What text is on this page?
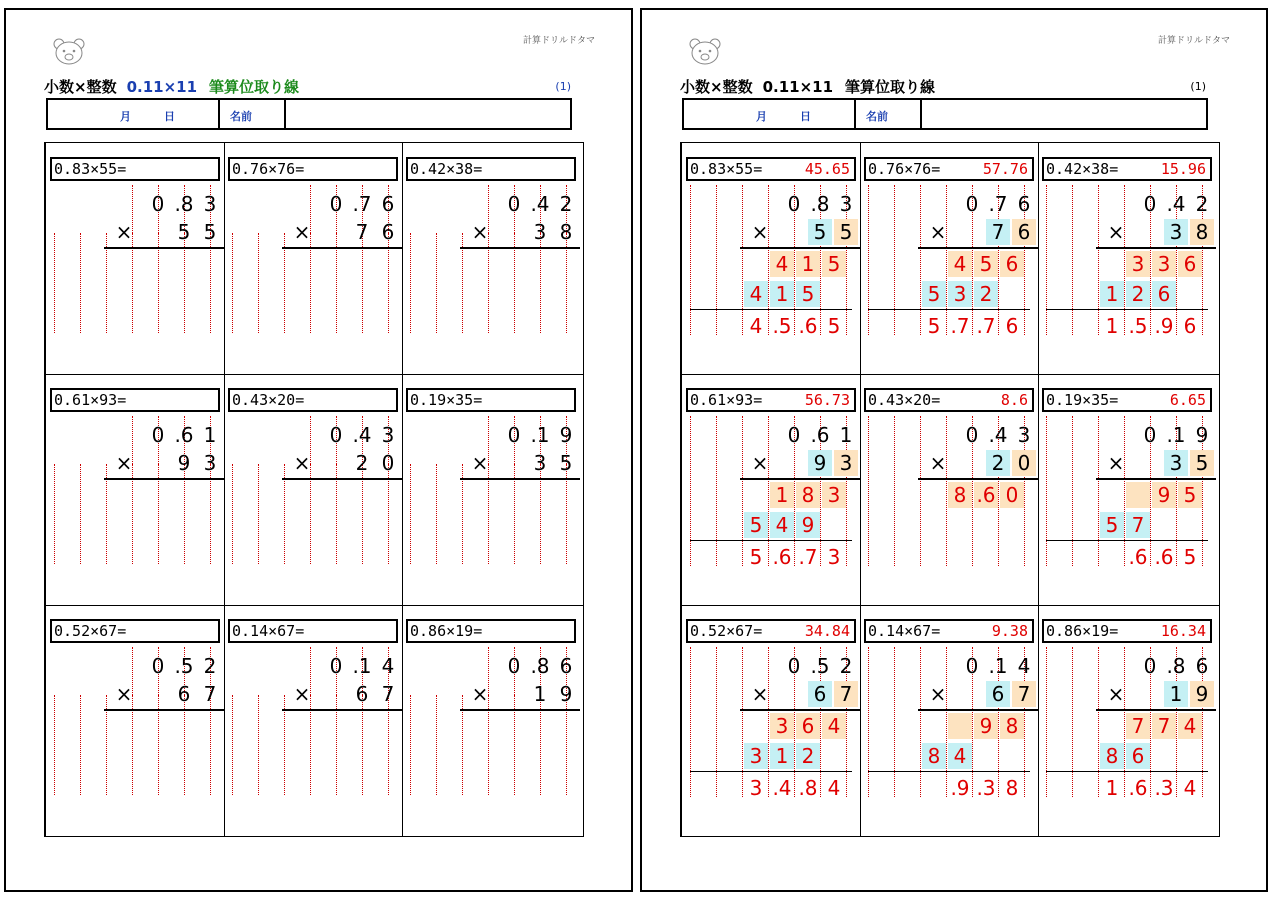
計算ドリルドタマ
小数×整数 0.11×11 筆算位取り線	(1)
月	日	名前
0.83×55=
0 .8 3
× 5 5
0.76×76=
0 .7 6
× 7 6
0.42×38=
0 .4 2
× 3 8
0.61×93=
0 .6 1
× 9 3
0.43×20=
0 .4 3
× 2 0
0.19×35=
0 .1 9
× 3 5
0.52×67=
0 .5 2
× 6 7
0.14×67=
0 .1 4
× 6 7
0.86×19=
0 .8 6
× 1 9
計算ドリルドタマ
小数×整数 0.11×11 筆算位取り線	(1)
月	日	名前
0.83×55=	45.65
0 .8 3
× 5 5
4 1 5
4 1 5
4 .5 .6 5
0.76×76=	57.76
0 .7 6
× 7 6
4 5 6
5 3 2
5 .7 .7 6
0.42×38=	15.96
0 .4 2
× 3 8
3 3 6
1 2 6
1 .5 .9 6
0.61×93=	56.73
0 .6 1
× 9 3
1 8 3
5 4 9
5 .6 .7 3
0.43×20=	8.6
0 .4 3
× 2 0
8 .6 0
0.19×35=	6.65
0 .1 9
× 3 5
9 5
5 7
.6 .6 5
0.52×67=	34.84
0 .5 2
× 6 7
3 6 4
3 1 2
3 .4 .8 4
0.14×67=	9.38
0 .1 4
× 6 7
9 8
8 4
.9 .3 8
0.86×19=	16.34
0 .8 6
× 1 9
7 7 4
8 6
1 .6 .3 4
